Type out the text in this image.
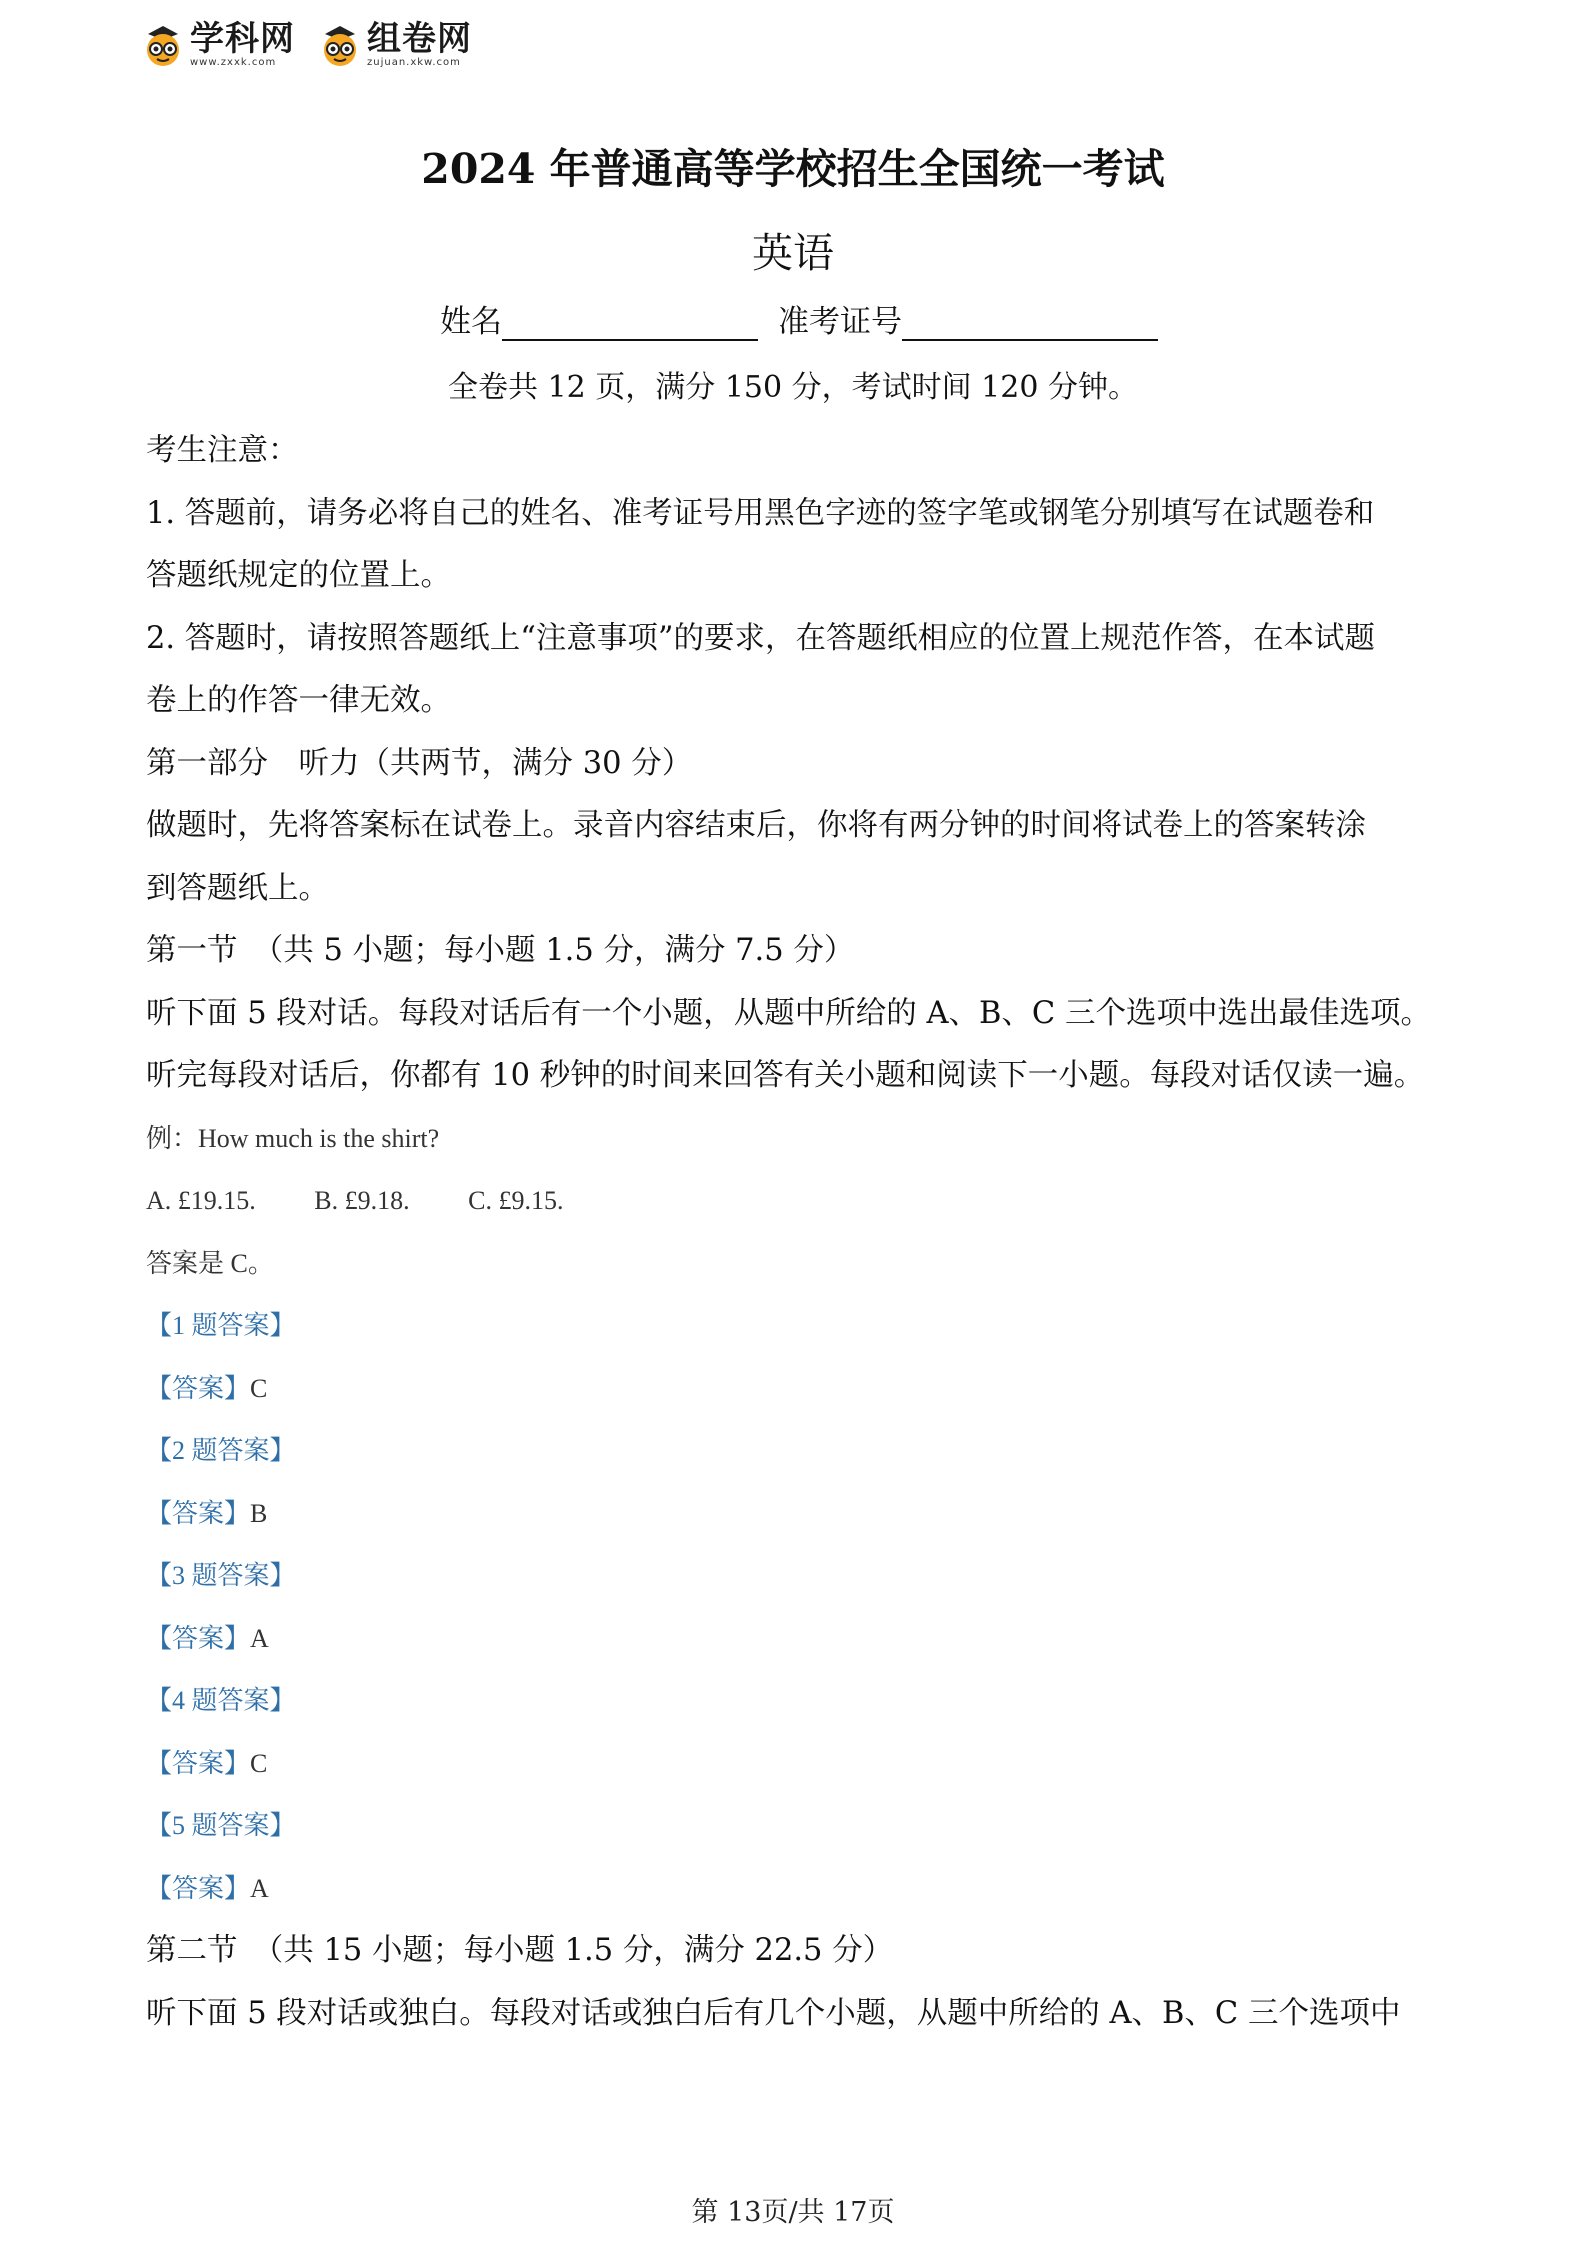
学科网
www.zxxk.com
组卷网
zujuan.xkw.com
2024 年普通高等学校招生全国统一考试
英语
姓名	准考证号
全卷共 12 页，满分 150 分，考试时间 120 分钟。
考生注意：
1. 答题前，请务必将自己的姓名、准考证号用黑色字迹的签字笔或钢笔分别填写在试题卷和
答题纸规定的位置上。
2. 答题时，请按照答题纸上“注意事项”的要求，在答题纸相应的位置上规范作答，在本试题
卷上的作答一律无效。
第一部分　听力（共两节，满分 30 分）
做题时，先将答案标在试卷上。录音内容结束后，你将有两分钟的时间将试卷上的答案转涂
到答题纸上。
第一节　（共 5 小题；每小题 1.5 分，满分 7.5 分）
听下面 5 段对话。每段对话后有一个小题，从题中所给的 A、B、C 三个选项中选出最佳选项。
听完每段对话后，你都有 10 秒钟的时间来回答有关小题和阅读下一小题。每段对话仅读一遍。
例：How much is the shirt?
A. £19.15. B. £9.18. C. £9.15.
答案是 C。
【1 题答案】
【答案】C
【2 题答案】
【答案】B
【3 题答案】
【答案】A
【4 题答案】
【答案】C
【5 题答案】
【答案】A
第二节　（共 15 小题；每小题 1.5 分，满分 22.5 分）
听下面 5 段对话或独白。每段对话或独白后有几个小题，从题中所给的 A、B、C 三个选项中
第 13页/共 17页
